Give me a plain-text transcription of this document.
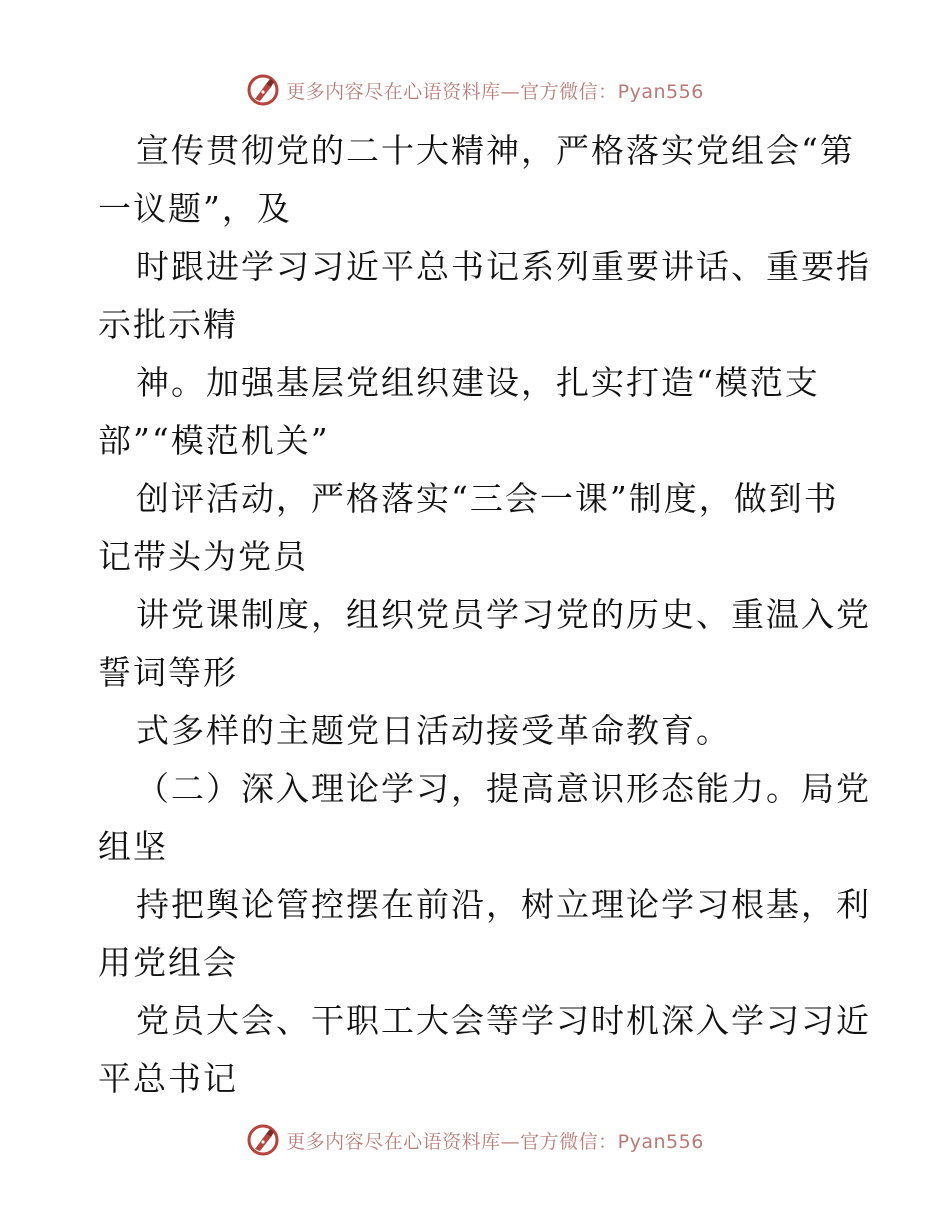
更多内容尽在心语资料库—官方微信：Pyan556
宣传贯彻党的二十大精神，严格落实党组会“第
一议题”，及
时跟进学习习近平总书记系列重要讲话、重要指
示批示精
神。加强基层党组织建设，扎实打造“模范支
部”“模范机关”
创评活动，严格落实“三会一课”制度，做到书
记带头为党员
讲党课制度，组织党员学习党的历史、重温入党
誓词等形
式多样的主题党日活动接受革命教育。
（二）深入理论学习，提高意识形态能力。局党
组坚
持把舆论管控摆在前沿，树立理论学习根基，利
用党组会
党员大会、干职工大会等学习时机深入学习习近
平总书记
更多内容尽在心语资料库—官方微信：Pyan556
